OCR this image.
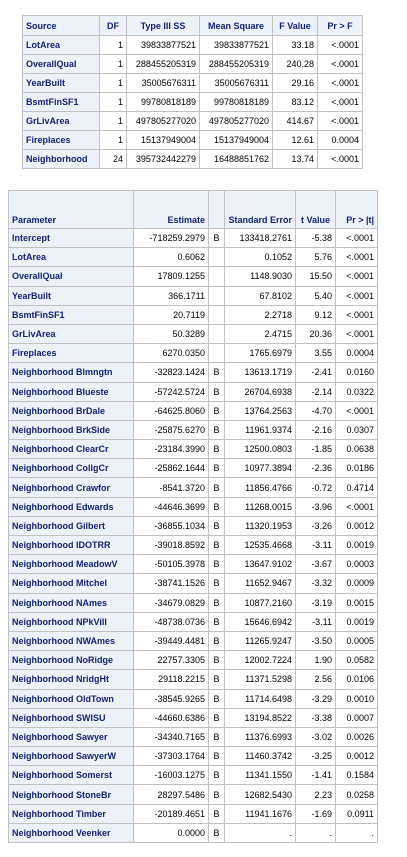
Source	DF	Type III SS	Mean Square	F Value	Pr > F
LotArea	1	39833877521	39833877521	33.18	<.0001
OverallQual	1	288455205319	288455205319	240.28	<.0001
YearBuilt	1	35005676311	35005676311	29.16	<.0001
BsmtFinSF1	1	99780818189	99780818189	83.12	<.0001
GrLivArea	1	497805277020	497805277020	414.67	<.0001
Fireplaces	1	15137949004	15137949004	12.61	0.0004
Neighborhood	24	395732442279	16488851762	13.74	<.0001
Parameter	Estimate		Standard Error	t Value	Pr > |t|
Intercept	-718259.2979	B	133418.2761	-5.38	<.0001
LotArea	0.6062		0.1052	5.76	<.0001
OverallQual	17809.1255		1148.9030	15.50	<.0001
YearBuilt	366.1711		67.8102	5.40	<.0001
BsmtFinSF1	20.7119		2.2718	9.12	<.0001
GrLivArea	50.3289		2.4715	20.36	<.0001
Fireplaces	6270.0350		1765.6979	3.55	0.0004
Neighborhood Blmngtn	-32823.1424	B	13613.1719	-2.41	0.0160
Neighborhood Blueste	-57242.5724	B	26704.6938	-2.14	0.0322
Neighborhood BrDale	-64625.8060	B	13764.2563	-4.70	<.0001
Neighborhood BrkSide	-25875.6270	B	11961.9374	-2.16	0.0307
Neighborhood ClearCr	-23184.3990	B	12500.0803	-1.85	0.0638
Neighborhood CollgCr	-25862.1644	B	10977.3894	-2.36	0.0186
Neighborhood Crawfor	-8541.3720	B	11856.4766	-0.72	0.4714
Neighborhood Edwards	-44646.3699	B	11268.0015	-3.96	<.0001
Neighborhood Gilbert	-36855.1034	B	11320.1953	-3.26	0.0012
Neighborhood IDOTRR	-39018.8592	B	12535.4668	-3.11	0.0019
Neighborhood MeadowV	-50105.3978	B	13647.9102	-3.67	0.0003
Neighborhood Mitchel	-38741.1526	B	11652.9467	-3.32	0.0009
Neighborhood NAmes	-34679.0829	B	10877.2160	-3.19	0.0015
Neighborhood NPkVill	-48738.0736	B	15646.6942	-3.11	0.0019
Neighborhood NWAmes	-39449.4481	B	11265.9247	-3.50	0.0005
Neighborhood NoRidge	22757.3305	B	12002.7224	1.90	0.0582
Neighborhood NridgHt	29118.2215	B	11371.5298	2.56	0.0106
Neighborhood OldTown	-38545.9265	B	11714.6498	-3.29	0.0010
Neighborhood SWISU	-44660.6386	B	13194.8522	-3.38	0.0007
Neighborhood Sawyer	-34340.7165	B	11376.6993	-3.02	0.0026
Neighborhood SawyerW	-37303.1764	B	11460.3742	-3.25	0.0012
Neighborhood Somerst	-16003.1275	B	11341.1550	-1.41	0.1584
Neighborhood StoneBr	28297.5486	B	12682.5430	2.23	0.0258
Neighborhood Timber	-20189.4651	B	11941.1676	-1.69	0.0911
Neighborhood Veenker	0.0000	B	.	.	.
